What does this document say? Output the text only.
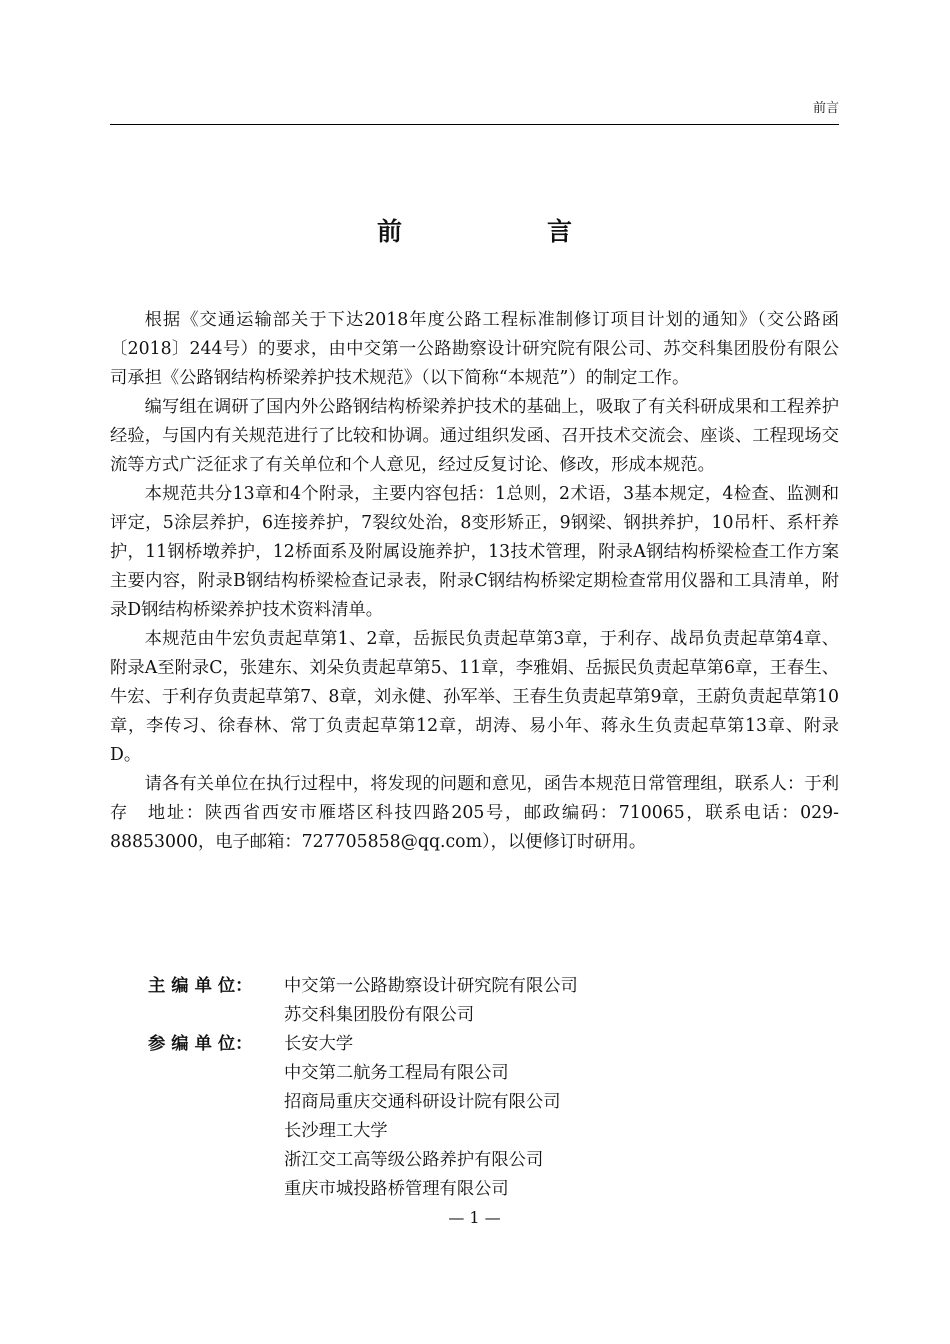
前言
前　言

根据《交通运输部关于下达2018年度公路工程标准制修订项目计划的通知》（交公路函〔2018〕244号）的要求，由中交第一公路勘察设计研究院有限公司、苏交科集团股份有限公司承担《公路钢结构桥梁养护技术规范》（以下简称“本规范”）的制定工作。

编写组在调研了国内外公路钢结构桥梁养护技术的基础上，吸取了有关科研成果和工程养护经验，与国内有关规范进行了比较和协调。通过组织发函、召开技术交流会、座谈、工程现场交流等方式广泛征求了有关单位和个人意见，经过反复讨论、修改，形成本规范。

本规范共分13章和4个附录，主要内容包括：1总则，2术语，3基本规定，4检查、监测和评定，5涂层养护，6连接养护，7裂纹处治，8变形矫正，9钢梁、钢拱养护，10吊杆、系杆养护，11钢桥墩养护，12桥面系及附属设施养护，13技术管理，附录A钢结构桥梁检查工作方案主要内容，附录B钢结构桥梁检查记录表，附录C钢结构桥梁定期检查常用仪器和工具清单，附录D钢结构桥梁养护技术资料清单。

本规范由牛宏负责起草第1、2章，岳振民负责起草第3章，于利存、战昂负责起草第4章、附录A至附录C，张建东、刘朵负责起草第5、11章，李雅娟、岳振民负责起草第6章，王春生、牛宏、于利存负责起草第7、8章，刘永健、孙军举、王春生负责起草第9章，王蔚负责起草第10章，李传习、徐春林、常丁负责起草第12章，胡涛、易小年、蒋永生负责起草第13章、附录D。

请各有关单位在执行过程中，将发现的问题和意见，函告本规范日常管理组，联系人：于利存　地址：陕西省西安市雁塔区科技四路205号，邮政编码：710065，联系电话：029-88853000，电子邮箱：727705858@qq.com），以便修订时研用。

主 编 单 位：	中交第一公路勘察设计研究院有限公司
苏交科集团股份有限公司
参 编 单 位：	长安大学
中交第二航务工程局有限公司
招商局重庆交通科研设计院有限公司
长沙理工大学
浙江交工高等级公路养护有限公司
重庆市城投路桥管理有限公司
— 1 —
